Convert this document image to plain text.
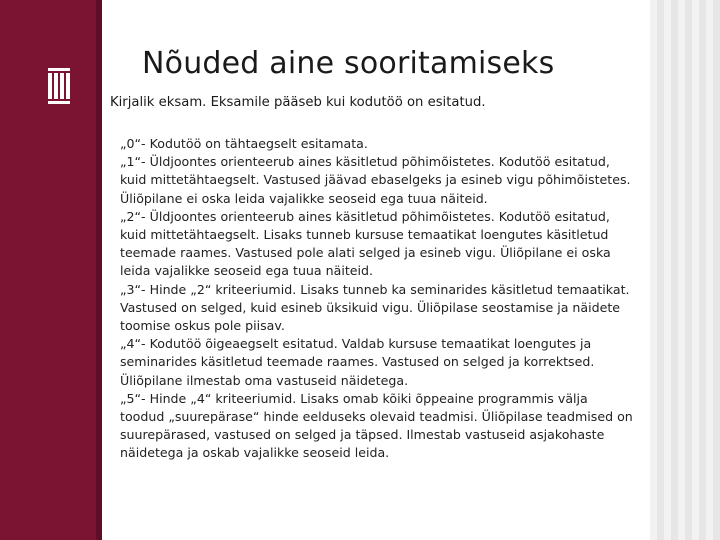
Nõuded aine sooritamiseks

Kirjalik eksam. Eksamile pääseb kui kodutöö on esitatud.

„0“- Kodutöö on tähtaegselt esitamata.
„1“- Üldjoontes orienteerub aines käsitletud põhimõistetes. Kodutöö esitatud, kuid mittetähtaegselt. Vastused jäävad ebaselgeks ja esineb vigu põhimõistetes. Üliõpilane ei oska leida vajalikke seoseid ega tuua näiteid.
„2“- Üldjoontes orienteerub aines käsitletud põhimõistetes. Kodutöö esitatud, kuid mittetähtaegselt. Lisaks tunneb kursuse temaatikat loengutes käsitletud teemade raames. Vastused pole alati selged ja esineb vigu. Üliõpilane ei oska leida vajalikke seoseid ega tuua näiteid.
„3“- Hinde „2“ kriteeriumid. Lisaks tunneb ka seminarides käsitletud temaatikat. Vastused on selged, kuid esineb üksikuid vigu. Üliõpilase seostamise ja näidete toomise oskus pole piisav.
„4“- Kodutöö õigeaegselt esitatud. Valdab kursuse temaatikat loengutes ja seminarides käsitletud teemade raames. Vastused on selged ja korrektsed. Üliõpilane ilmestab oma vastuseid näidetega.
„5“- Hinde „4“ kriteeriumid. Lisaks omab kõiki õppeaine programmis välja toodud „suurepärase“ hinde eelduseks olevaid teadmisi. Üliõpilase teadmised on suurepärased, vastused on selged ja täpsed. Ilmestab vastuseid asjakohaste näidetega ja oskab vajalikke seoseid leida.
